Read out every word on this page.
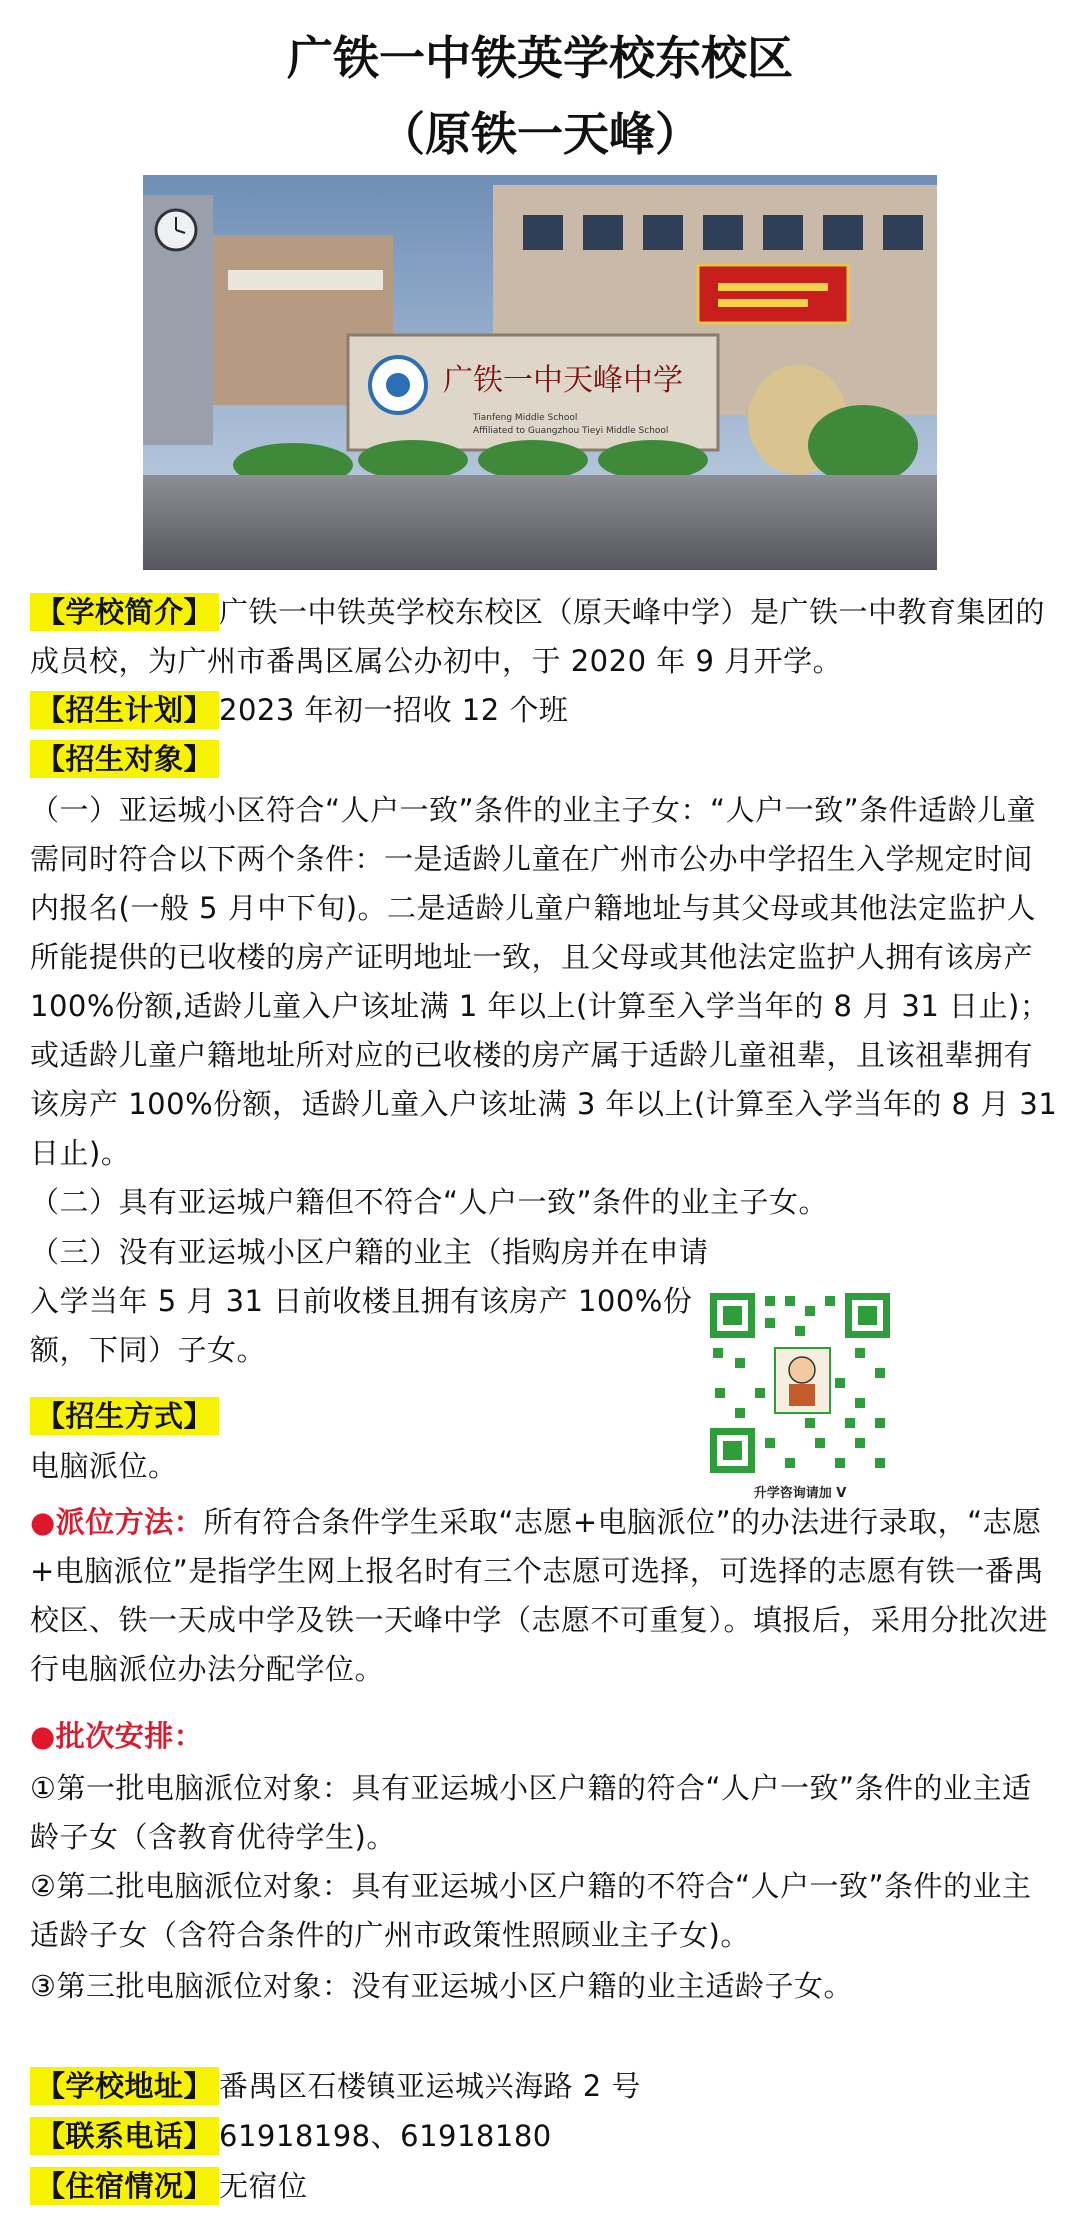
广铁一中铁英学校东校区
（原铁一天峰）
广铁一中天峰中学
Tianfeng Middle School
Affiliated to Guangzhou Tieyi Middle School
【学校简介】 广铁一中铁英学校东校区（原天峰中学）是广铁一中教育集团的成员校，为广州市番禺区属公办初中，于 2020 年 9 月开学。
【招生计划】 2023 年初一招收 12 个班
【招生对象】
（一）亚运城小区符合“人户一致”条件的业主子女：“人户一致”条件适龄儿童需同时符合以下两个条件：一是适龄儿童在广州市公办中学招生入学规定时间内报名(一般 5 月中下旬)。二是适龄儿童户籍地址与其父母或其他法定监护人所能提供的已收楼的房产证明地址一致，且父母或其他法定监护人拥有该房产 100%份额,适龄儿童入户该址满 1 年以上(计算至入学当年的 8 月 31 日止)；或适龄儿童户籍地址所对应的已收楼的房产属于适龄儿童祖辈，且该祖辈拥有该房产 100%份额，适龄儿童入户该址满 3 年以上(计算至入学当年的 8 月 31 日止)。
（二）具有亚运城户籍但不符合“人户一致”条件的业主子女。
（三）没有亚运城小区户籍的业主（指购房并在申请入学当年 5 月 31 日前收楼且拥有该房产 100%份额，下同）子女。
升学咨询请加 V
【招生方式】
电脑派位。
●派位方法：所有符合条件学生采取“志愿+电脑派位”的办法进行录取，“志愿+电脑派位”是指学生网上报名时有三个志愿可选择，可选择的志愿有铁一番禺校区、铁一天成中学及铁一天峰中学（志愿不可重复）。填报后，采用分批次进行电脑派位办法分配学位。
●批次安排：
①第一批电脑派位对象：具有亚运城小区户籍的符合“人户一致”条件的业主适龄子女（含教育优待学生)。
②第二批电脑派位对象：具有亚运城小区户籍的不符合“人户一致”条件的业主适龄子女（含符合条件的广州市政策性照顾业主子女)。
③第三批电脑派位对象：没有亚运城小区户籍的业主适龄子女。
【学校地址】 番禺区石楼镇亚运城兴海路 2 号
【联系电话】 61918198、61918180
【住宿情况】 无宿位
